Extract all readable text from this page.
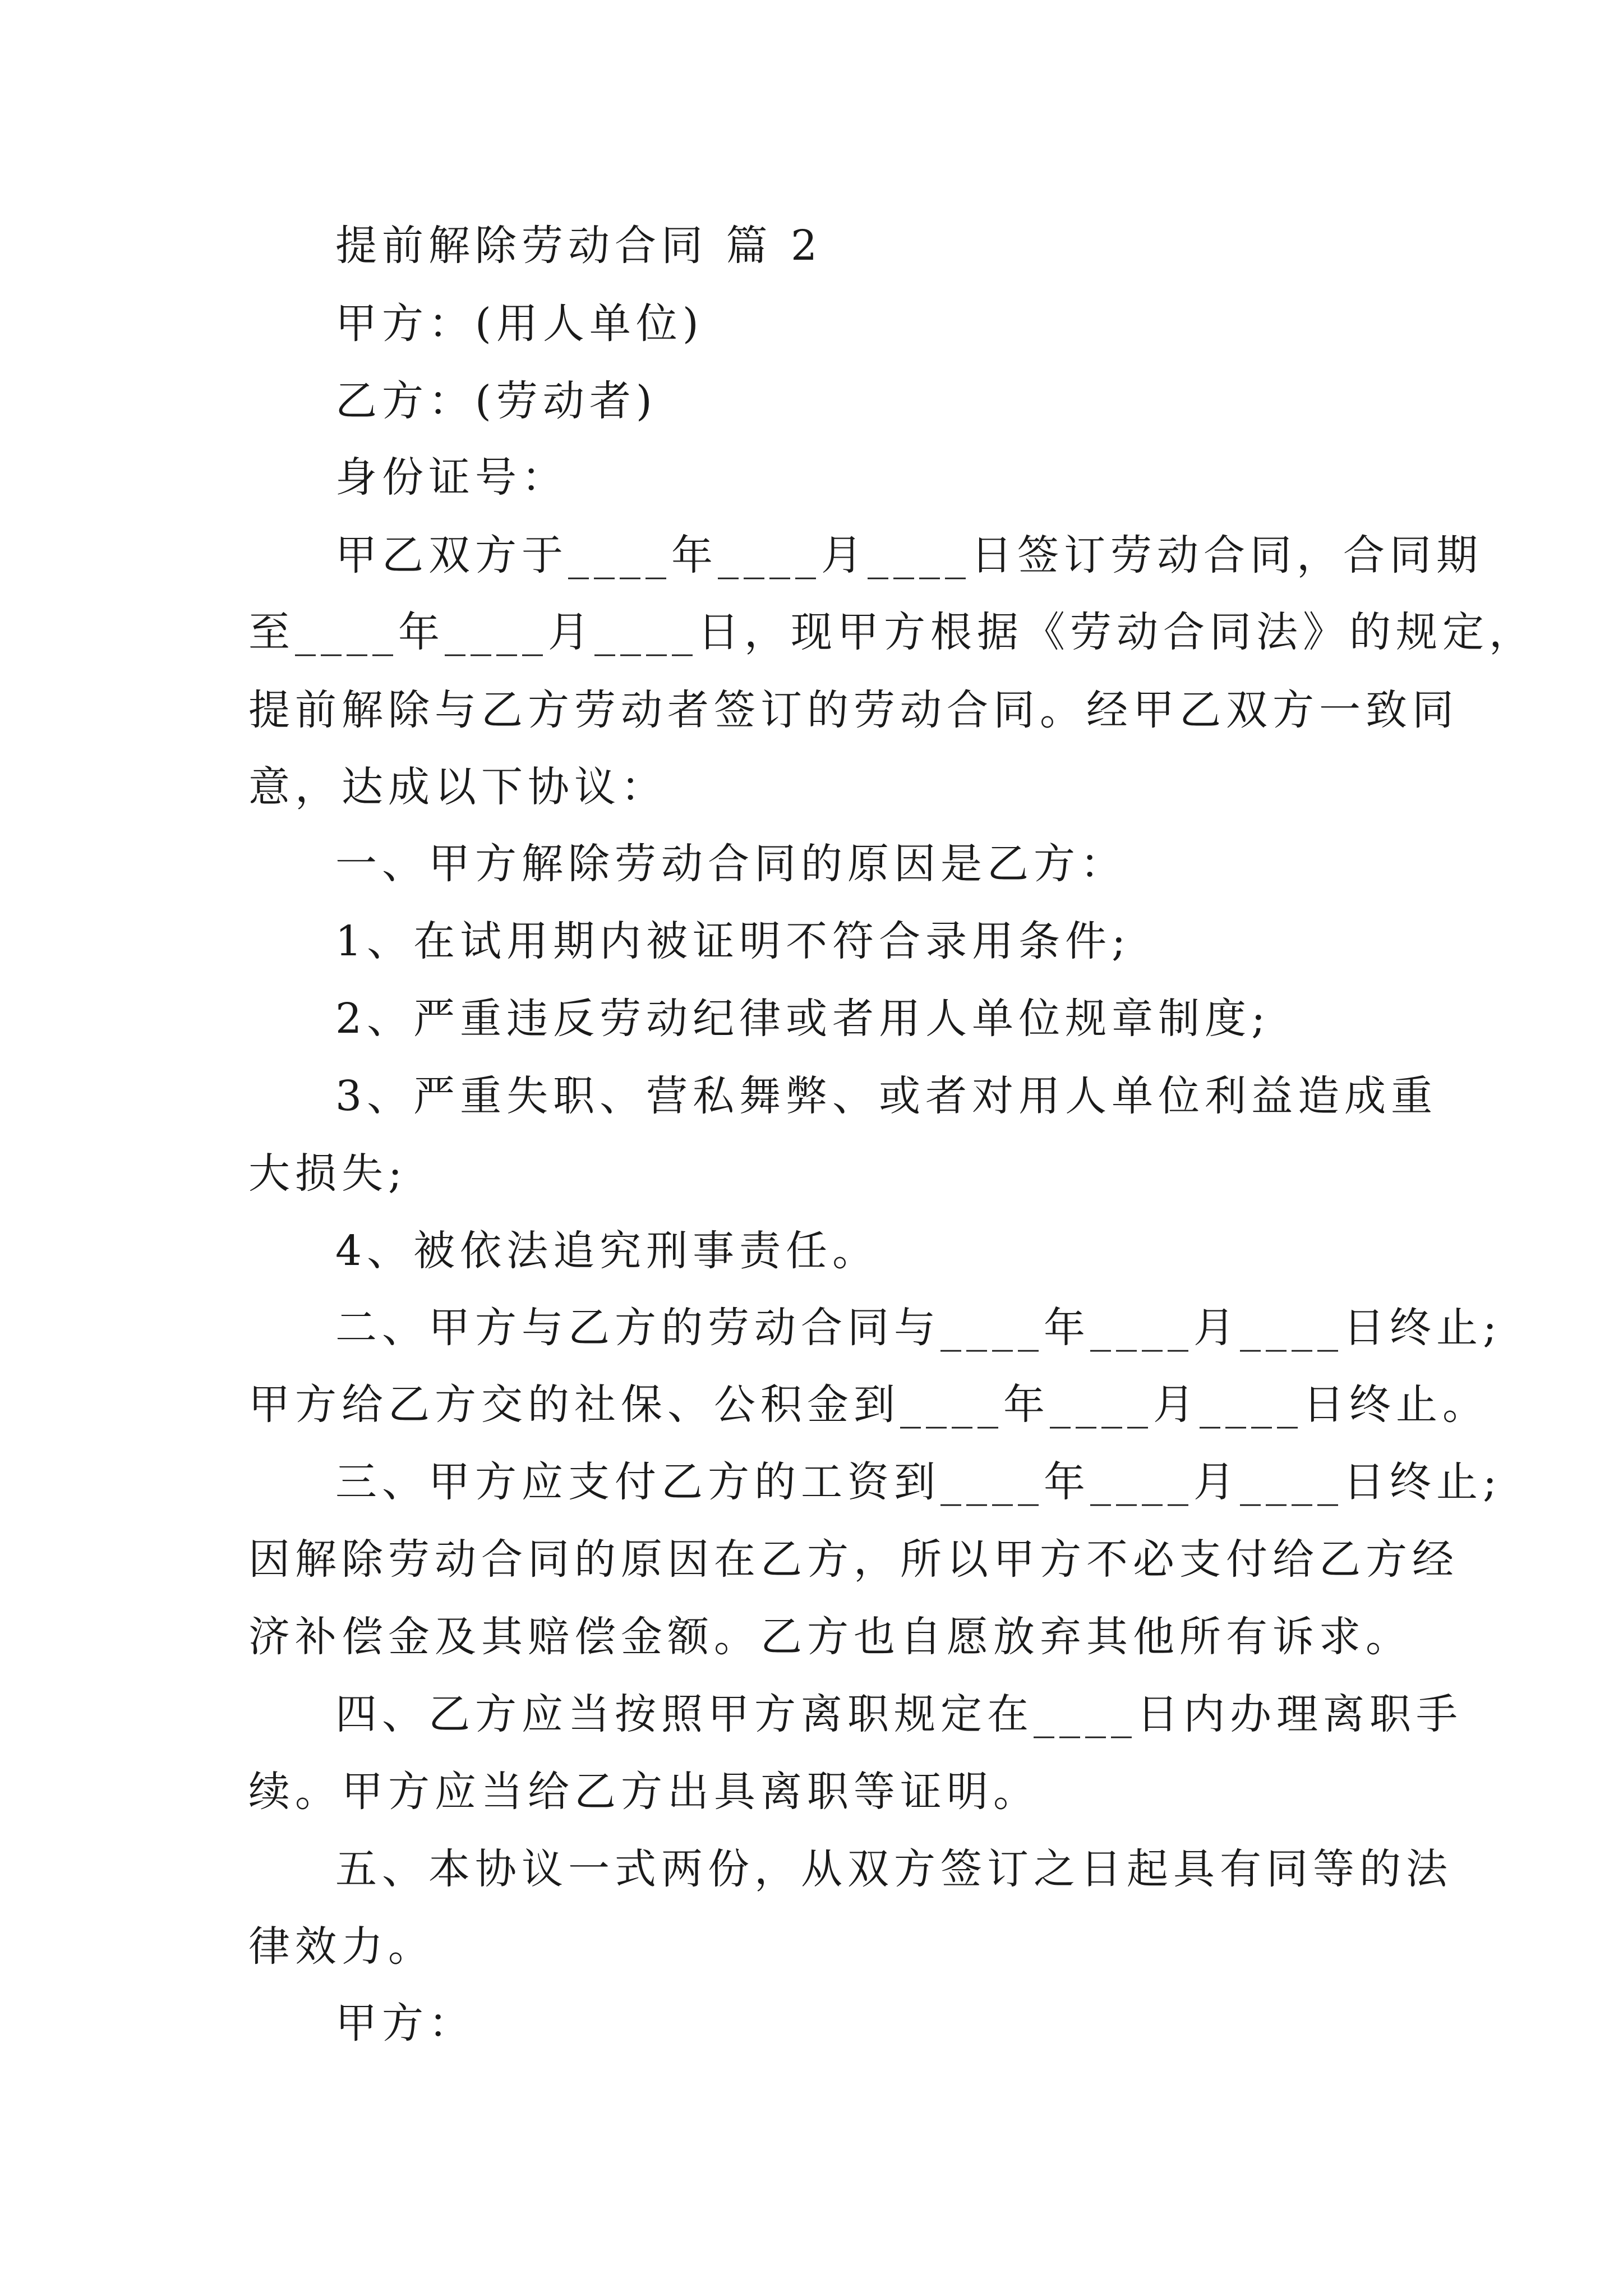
提前解除劳动合同 篇 2
甲方：(用人单位)
乙方：(劳动者)
身份证号：
甲乙双方于____年____月____日签订劳动合同，合同期
至____年____月____日，现甲方根据《劳动合同法》的规定，
提前解除与乙方劳动者签订的劳动合同。经甲乙双方一致同
意，达成以下协议：
一、甲方解除劳动合同的原因是乙方：
1、在试用期内被证明不符合录用条件;
2、严重违反劳动纪律或者用人单位规章制度;
3、严重失职、营私舞弊、或者对用人单位利益造成重
大损失;
4、被依法追究刑事责任。
二、甲方与乙方的劳动合同与____年____月____日终止;
甲方给乙方交的社保、公积金到____年____月____日终止。
三、甲方应支付乙方的工资到____年____月____日终止;
因解除劳动合同的原因在乙方，所以甲方不必支付给乙方经
济补偿金及其赔偿金额。乙方也自愿放弃其他所有诉求。
四、乙方应当按照甲方离职规定在____日内办理离职手
续。甲方应当给乙方出具离职等证明。
五、本协议一式两份，从双方签订之日起具有同等的法
律效力。
甲方：
